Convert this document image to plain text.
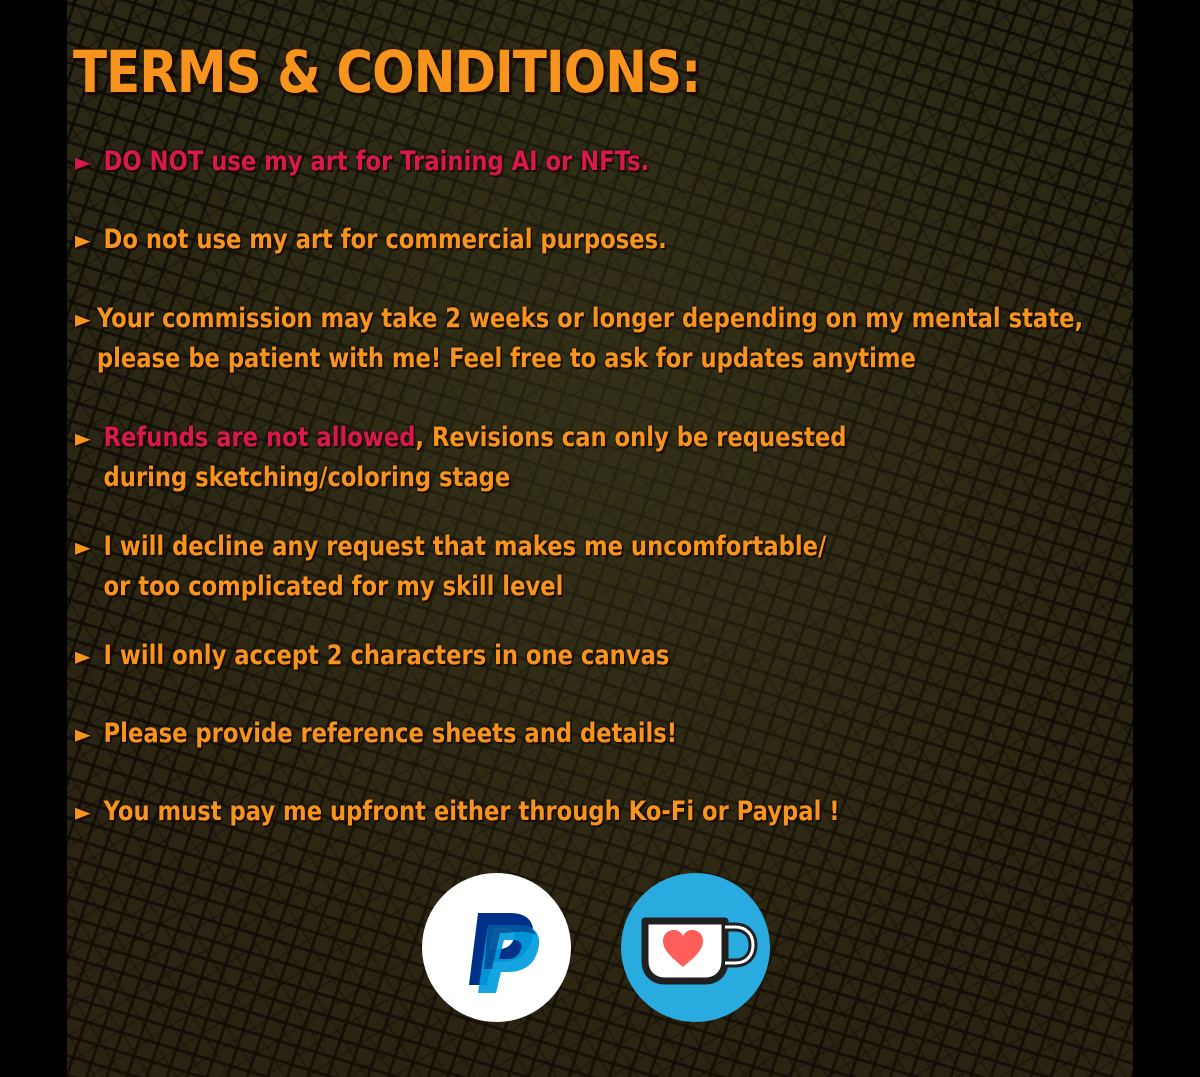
TERMS & CONDITIONS:
► DO NOT use my art for Training AI or NFTs.
► Do not use my art for commercial purposes.
► Your commission may take 2 weeks or longer depending on my mental state,
please be patient with me! Feel free to ask for updates anytime
► Refunds are not allowed, Revisions can only be requested
during sketching/coloring stage
► I will decline any request that makes me uncomfortable/
or too complicated for my skill level
► I will only accept 2 characters in one canvas
► Please provide reference sheets and details!
► You must pay me upfront either through Ko-Fi or Paypal !
